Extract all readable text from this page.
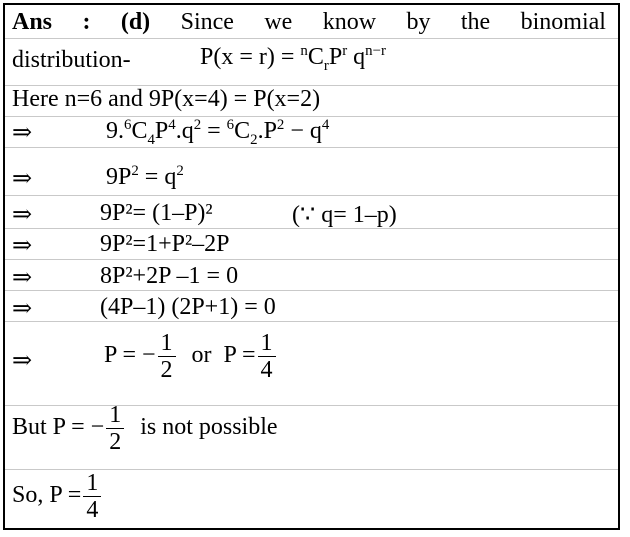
Ans : (d) Since we know by the binomial
distribution-	$P(x = r) = ^nC_rP^r$ $q^{n-r}$
Here n=6 and 9P(x=4) = P(x=2)
⇒	$9.^6C_4P^4.q^2 = ^6C_2.P^2 - q^4$
⇒	$9P^2 = q^2$
⇒	9P²= (1–P)²	(∵ q= 1–p)
⇒	9P²=1+P²–2P
⇒	8P²+2P –1 = 0
⇒	(4P–1) (2P+1) = 0
⇒	P = − $\frac{1}{2}$ or $P = \frac{1}{4}$
But P = − $\frac{1}{2}$ is not possible
So, $P = \frac{1}{4}$
